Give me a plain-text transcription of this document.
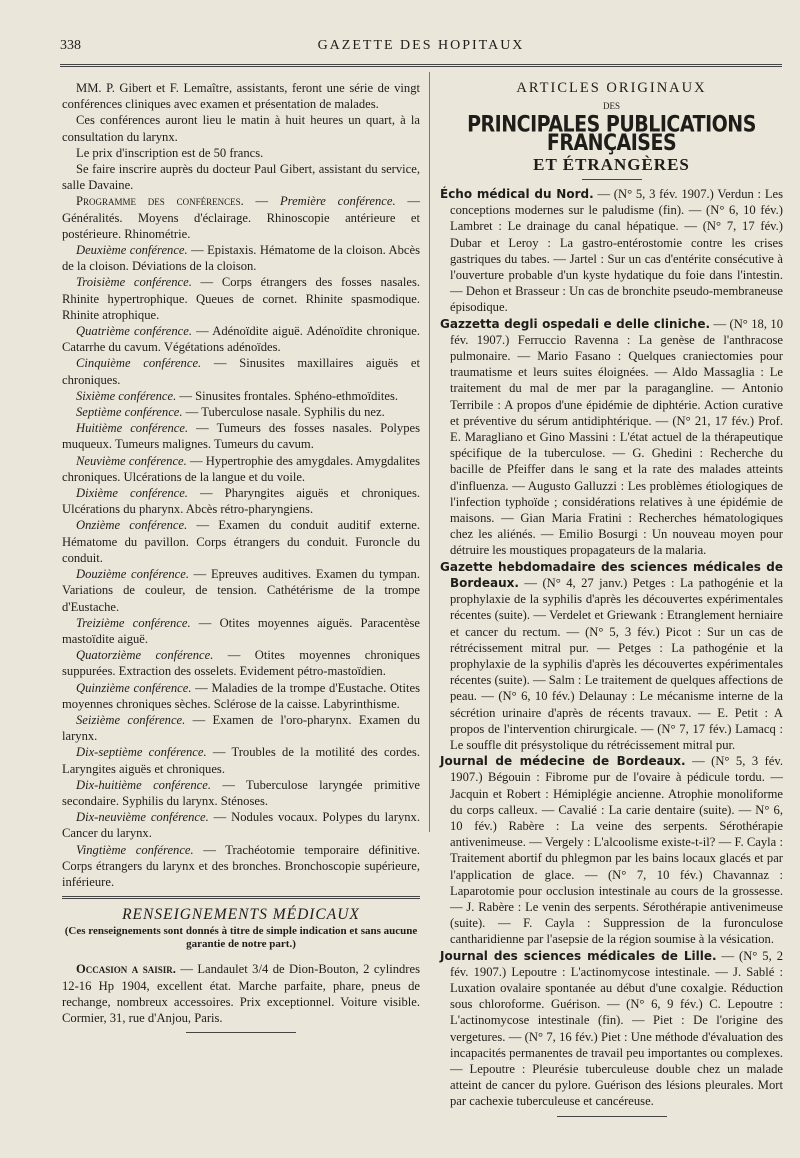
338	GAZETTE DES HOPITAUX

MM. P. Gibert et F. Lemaître, assistants, feront une série de vingt conférences cliniques avec examen et présentation de malades.

Ces conférences auront lieu le matin à huit heures un quart, à la consultation du larynx.

Le prix d'inscription est de 50 francs.

Se faire inscrire auprès du docteur Paul Gibert, assistant du service, salle Davaine.

Programme des conférences. — Première conférence. — Généralités. Moyens d'éclairage. Rhinoscopie antérieure et postérieure. Rhinométrie.

Deuxième conférence. — Epistaxis. Hématome de la cloison. Abcès de la cloison. Déviations de la cloison.

Troisième conférence. — Corps étrangers des fosses nasales. Rhinite hypertrophique. Queues de cornet. Rhinite spasmodique. Rhinite atrophique.

Quatrième conférence. — Adénoïdite aiguë. Adénoïdite chronique. Catarrhe du cavum. Végétations adénoïdes.

Cinquième conférence. — Sinusites maxillaires aiguës et chroniques.

Sixième conférence. — Sinusites frontales. Sphéno-ethmoïdites.

Septième conférence. — Tuberculose nasale. Syphilis du nez.

Huitième conférence. — Tumeurs des fosses nasales. Polypes muqueux. Tumeurs malignes. Tumeurs du cavum.

Neuvième conférence. — Hypertrophie des amygdales. Amygdalites chroniques. Ulcérations de la langue et du voile.

Dixième conférence. — Pharyngites aiguës et chroniques. Ulcérations du pharynx. Abcès rétro-pharyngiens.

Onzième conférence. — Examen du conduit auditif externe. Hématome du pavillon. Corps étrangers du conduit. Furoncle du conduit.

Douzième conférence. — Epreuves auditives. Examen du tympan. Variations de couleur, de tension. Cathétérisme de la trompe d'Eustache.

Treizième conférence. — Otites moyennes aiguës. Paracentèse mastoïdite aiguë.

Quatorzième conférence. — Otites moyennes chroniques suppurées. Extraction des osselets. Evidement pétro-mastoïdien.

Quinzième conférence. — Maladies de la trompe d'Eustache. Otites moyennes chroniques sèches. Sclérose de la caisse. Labyrinthisme.

Seizième conférence. — Examen de l'oro-pharynx. Examen du larynx.

Dix-septième conférence. — Troubles de la motilité des cordes. Laryngites aiguës et chroniques.

Dix-huitième conférence. — Tuberculose laryngée primitive secondaire. Syphilis du larynx. Sténoses.

Dix-neuvième conférence. — Nodules vocaux. Polypes du larynx. Cancer du larynx.

Vingtième conférence. — Trachéotomie temporaire définitive. Corps étrangers du larynx et des bronches. Bronchoscopie supérieure, inférieure.

RENSEIGNEMENTS MÉDICAUX
(Ces renseignements sont donnés à titre de simple indication et sans aucune garantie de notre part.)

Occasion a saisir. — Landaulet 3/4 de Dion-Bouton, 2 cylindres 12-16 Hp 1904, excellent état. Marche parfaite, phare, pneus de rechange, nombreux accessoires. Prix exceptionnel. Voiture visible. Cormier, 31, rue d'Anjou, Paris.

ARTICLES ORIGINAUX
DES
PRINCIPALES PUBLICATIONS FRANÇAISES
ET ÉTRANGÈRES

Écho médical du Nord. — (N° 5, 3 fév. 1907.) Verdun : Les conceptions modernes sur le paludisme (fin). — (N° 6, 10 fév.) Lambret : Le drainage du canal hépatique. — (N° 7, 17 fév.) Dubar et Leroy : La gastro-entérostomie contre les crises gastriques du tabes. — Jartel : Sur un cas d'entérite consécutive à l'ouverture probable d'un kyste hydatique du foie dans l'intestin. — Dehon et Brasseur : Un cas de bronchite pseudo-membraneuse épisodique.

Gazzetta degli ospedali e delle cliniche. — (N° 18, 10 fév. 1907.) Ferruccio Ravenna : La genèse de l'anthracose pulmonaire. — Mario Fasano : Quelques craniectomies pour traumatisme et leurs suites éloignées. — Aldo Massaglia : Le traitement du mal de mer par la paragangline. — Antonio Terribile : A propos d'une épidémie de diphtérie. Action curative et préventive du sérum antidiphtérique. — (N° 21, 17 fév.) Prof. E. Maragliano et Gino Massini : L'état actuel de la thérapeutique spécifique de la tuberculose. — G. Ghedini : Recherche du bacille de Pfeiffer dans le sang et la rate des malades atteints d'influenza. — Augusto Galluzzi : Les problèmes étiologiques de l'infection typhoïde ; considérations relatives à une épidémie de maisons. — Gian Maria Fratini : Recherches hématologiques chez les aliénés. — Emilio Bosurgi : Un nouveau moyen pour détruire les moustiques propagateurs de la malaria.

Gazette hebdomadaire des sciences médicales de Bordeaux. — (N° 4, 27 janv.) Petges : La pathogénie et la prophylaxie de la syphilis d'après les découvertes expérimentales récentes (suite). — Verdelet et Griewank : Etranglement herniaire et cancer du rectum. — (N° 5, 3 fév.) Picot : Sur un cas de rétrécissement mitral pur. — Petges : La pathogénie et la prophylaxie de la syphilis d'après les découvertes expérimentales récentes (suite). — Salm : Le traitement de quelques affections de peau. — (N° 6, 10 fév.) Delaunay : Le mécanisme interne de la sécrétion urinaire d'après de récents travaux. — E. Petit : A propos de l'intervention chirurgicale. — (N° 7, 17 fév.) Lamacq : Le souffle dit présystolique du rétrécissement mitral pur.

Journal de médecine de Bordeaux. — (N° 5, 3 fév. 1907.) Bégouin : Fibrome pur de l'ovaire à pédicule tordu. — Jacquin et Robert : Hémiplégie ancienne. Atrophie monoliforme du corps calleux. — Cavalié : La carie dentaire (suite). — N° 6, 10 fév.) Rabère : La veine des serpents. Sérothérapie antivenimeuse. — Vergely : L'alcoolisme existe-t-il? — F. Cayla : Traitement abortif du phlegmon par les bains locaux glacés et par l'application de glace. — (N° 7, 10 fév.) Chavannaz : Laparotomie pour occlusion intestinale au cours de la grossesse. — J. Rabère : Le venin des serpents. Sérothérapie antivenimeuse (suite). — F. Cayla : Suppression de la furonculose cantharidienne par l'asepsie de la région soumise à la vésication.

Journal des sciences médicales de Lille. — (N° 5, 2 fév. 1907.) Lepoutre : L'actinomycose intestinale. — J. Sablé : Luxation ovalaire spontanée au début d'une coxalgie. Réduction sous chloroforme. Guérison. — (N° 6, 9 fév.) C. Lepoutre : L'actinomycose intestinale (fin). — Piet : De l'origine des vergetures. — (N° 7, 16 fév.) Piet : Une méthode d'évaluation des incapacités permanentes de travail peu importantes ou complexes. — Lepoutre : Pleurésie tuberculeuse double chez un malade atteint de cancer du pylore. Guérison des lésions pleurales. Mort par cachexie tuberculeuse et cancéreuse.
